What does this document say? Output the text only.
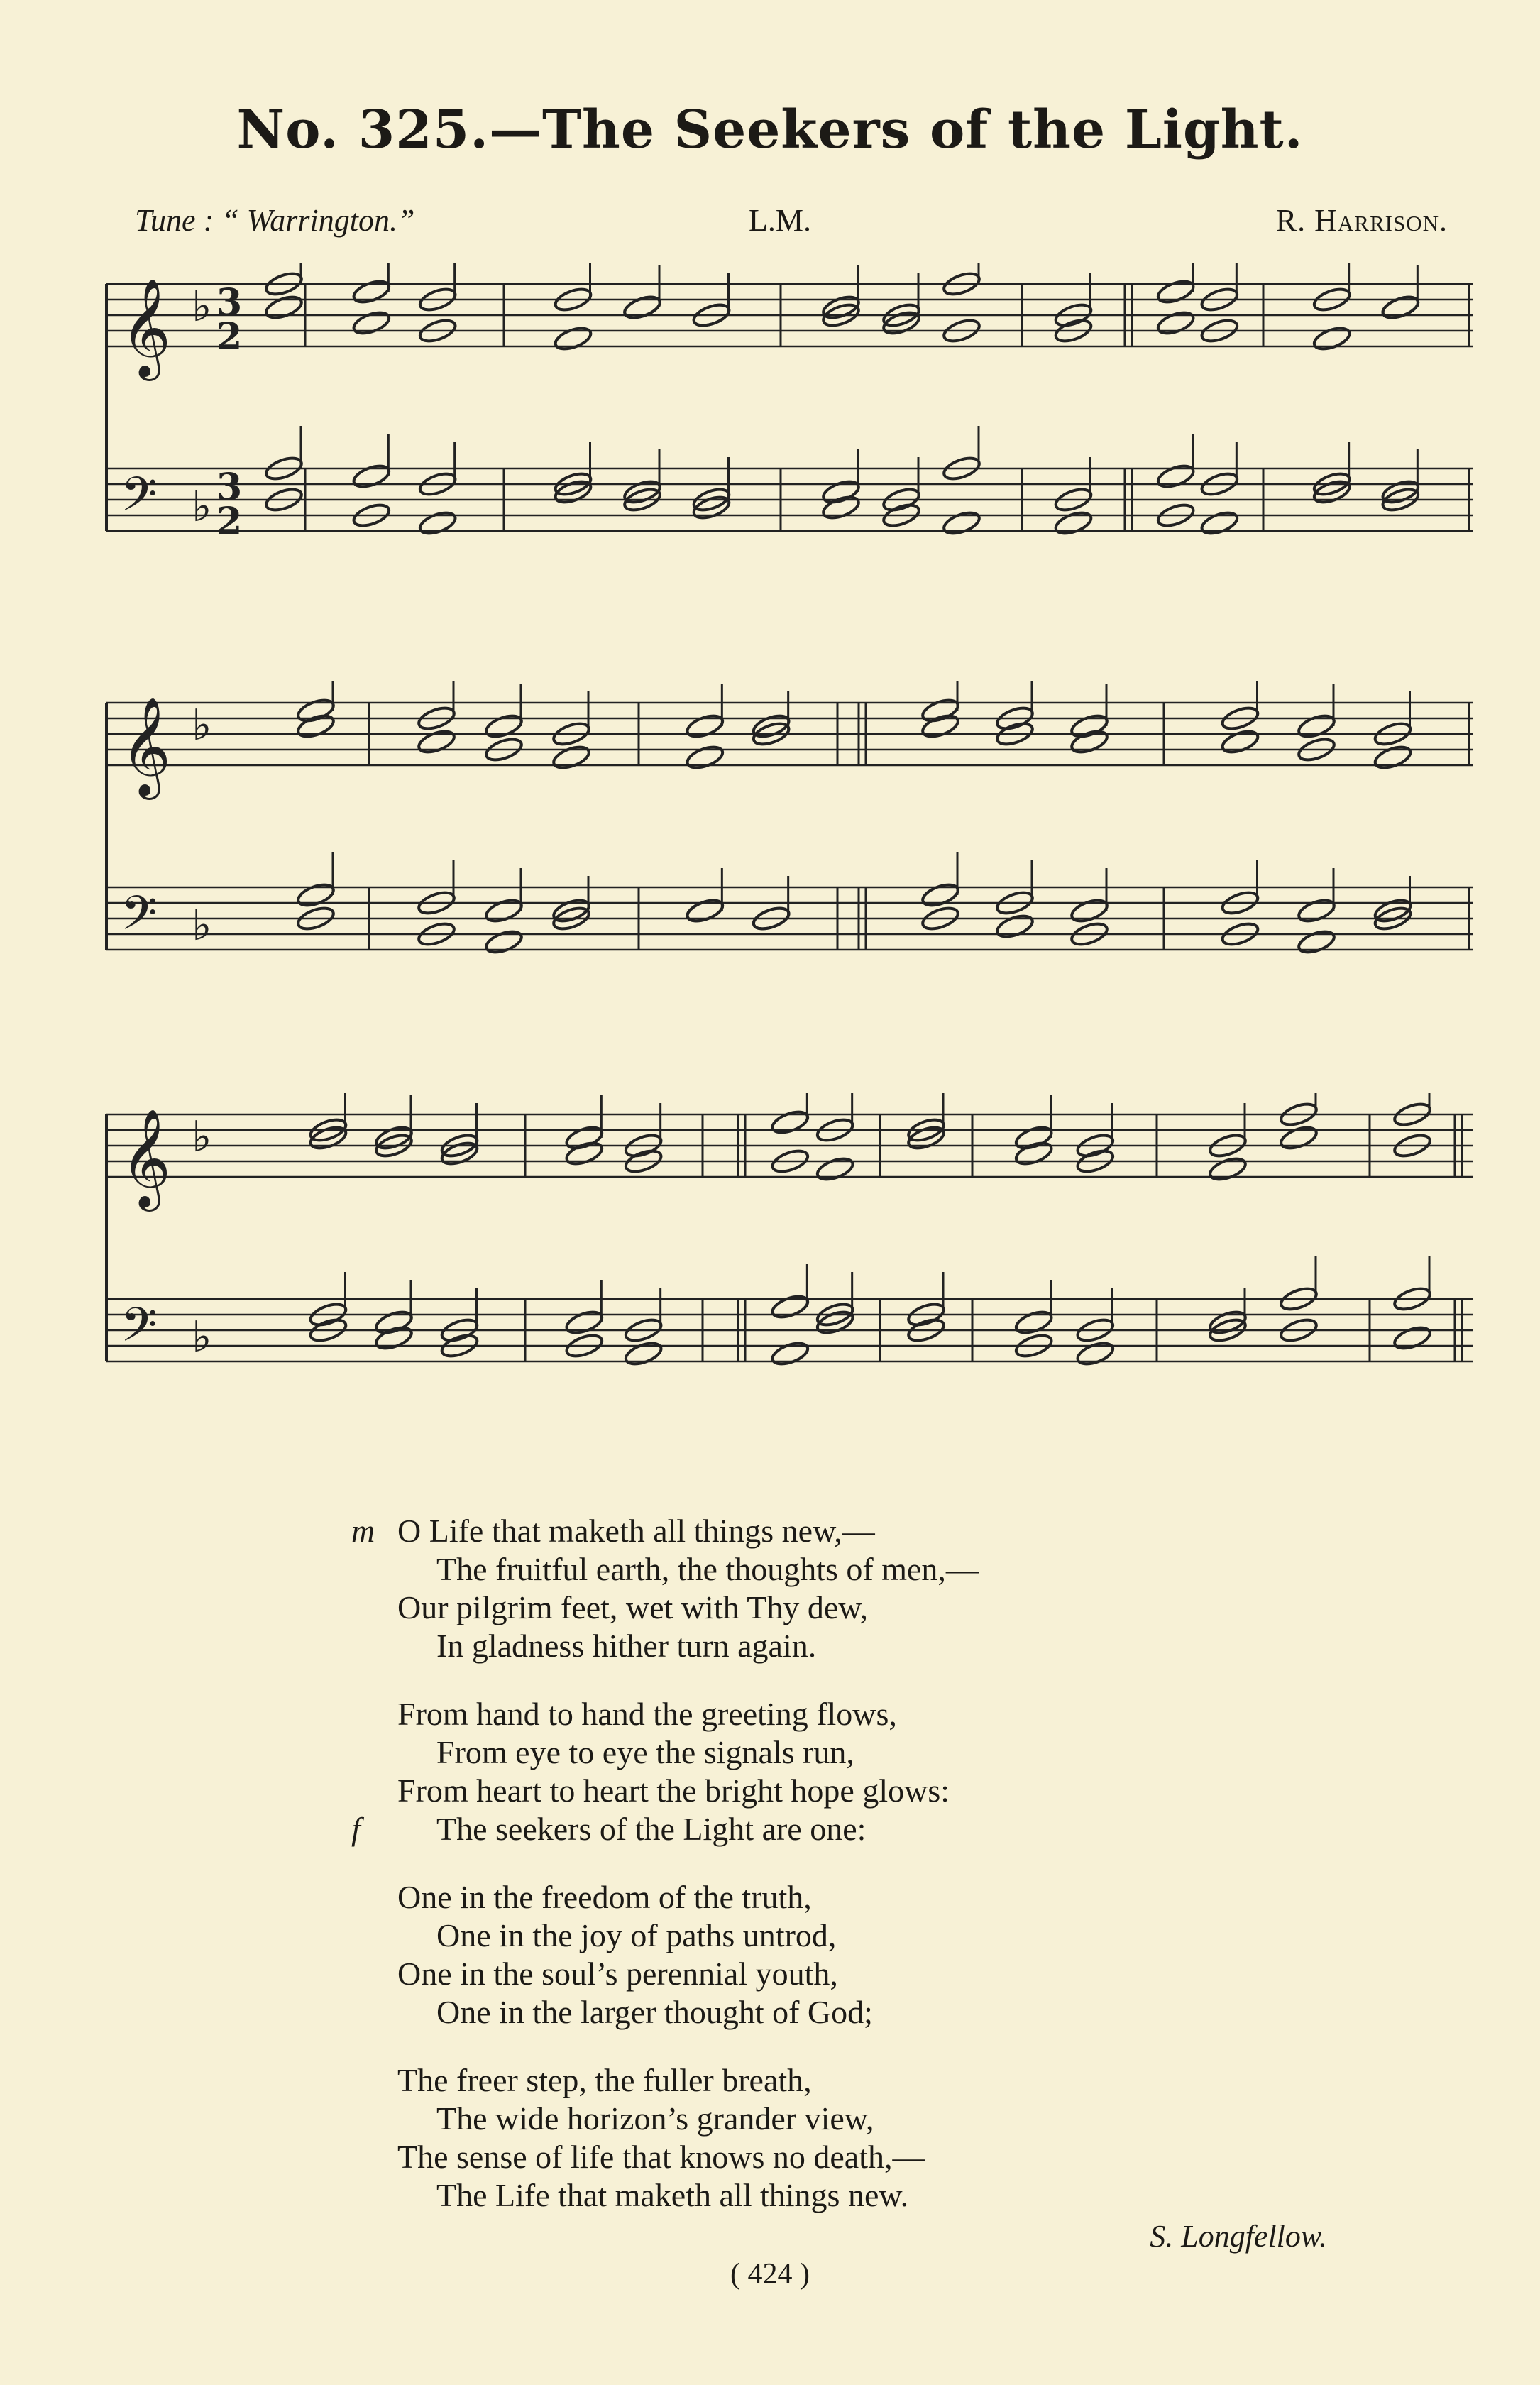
No. 325.—The Seekers of the Light.
Tune : “ Warrington.”	L.M.	R. Harrison.
𝄞 ♭ 3
2
𝄢 ♭ 3
2
𝄞 ♭
𝄢 ♭
𝄞 ♭
𝄢 ♭
m O Life that maketh all things new,—
The fruitful earth, the thoughts of men,—
Our pilgrim feet, wet with Thy dew,
In gladness hither turn again.
From hand to hand the greeting flows,
From eye to eye the signals run,
From heart to heart the bright hope glows:
f The seekers of the Light are one:
One in the freedom of the truth,
One in the joy of paths untrod,
One in the soul’s perennial youth,
One in the larger thought of God;
The freer step, the fuller breath,
The wide horizon’s grander view,
The sense of life that knows no death,—
The Life that maketh all things new.
S. Longfellow.
( 424 )
